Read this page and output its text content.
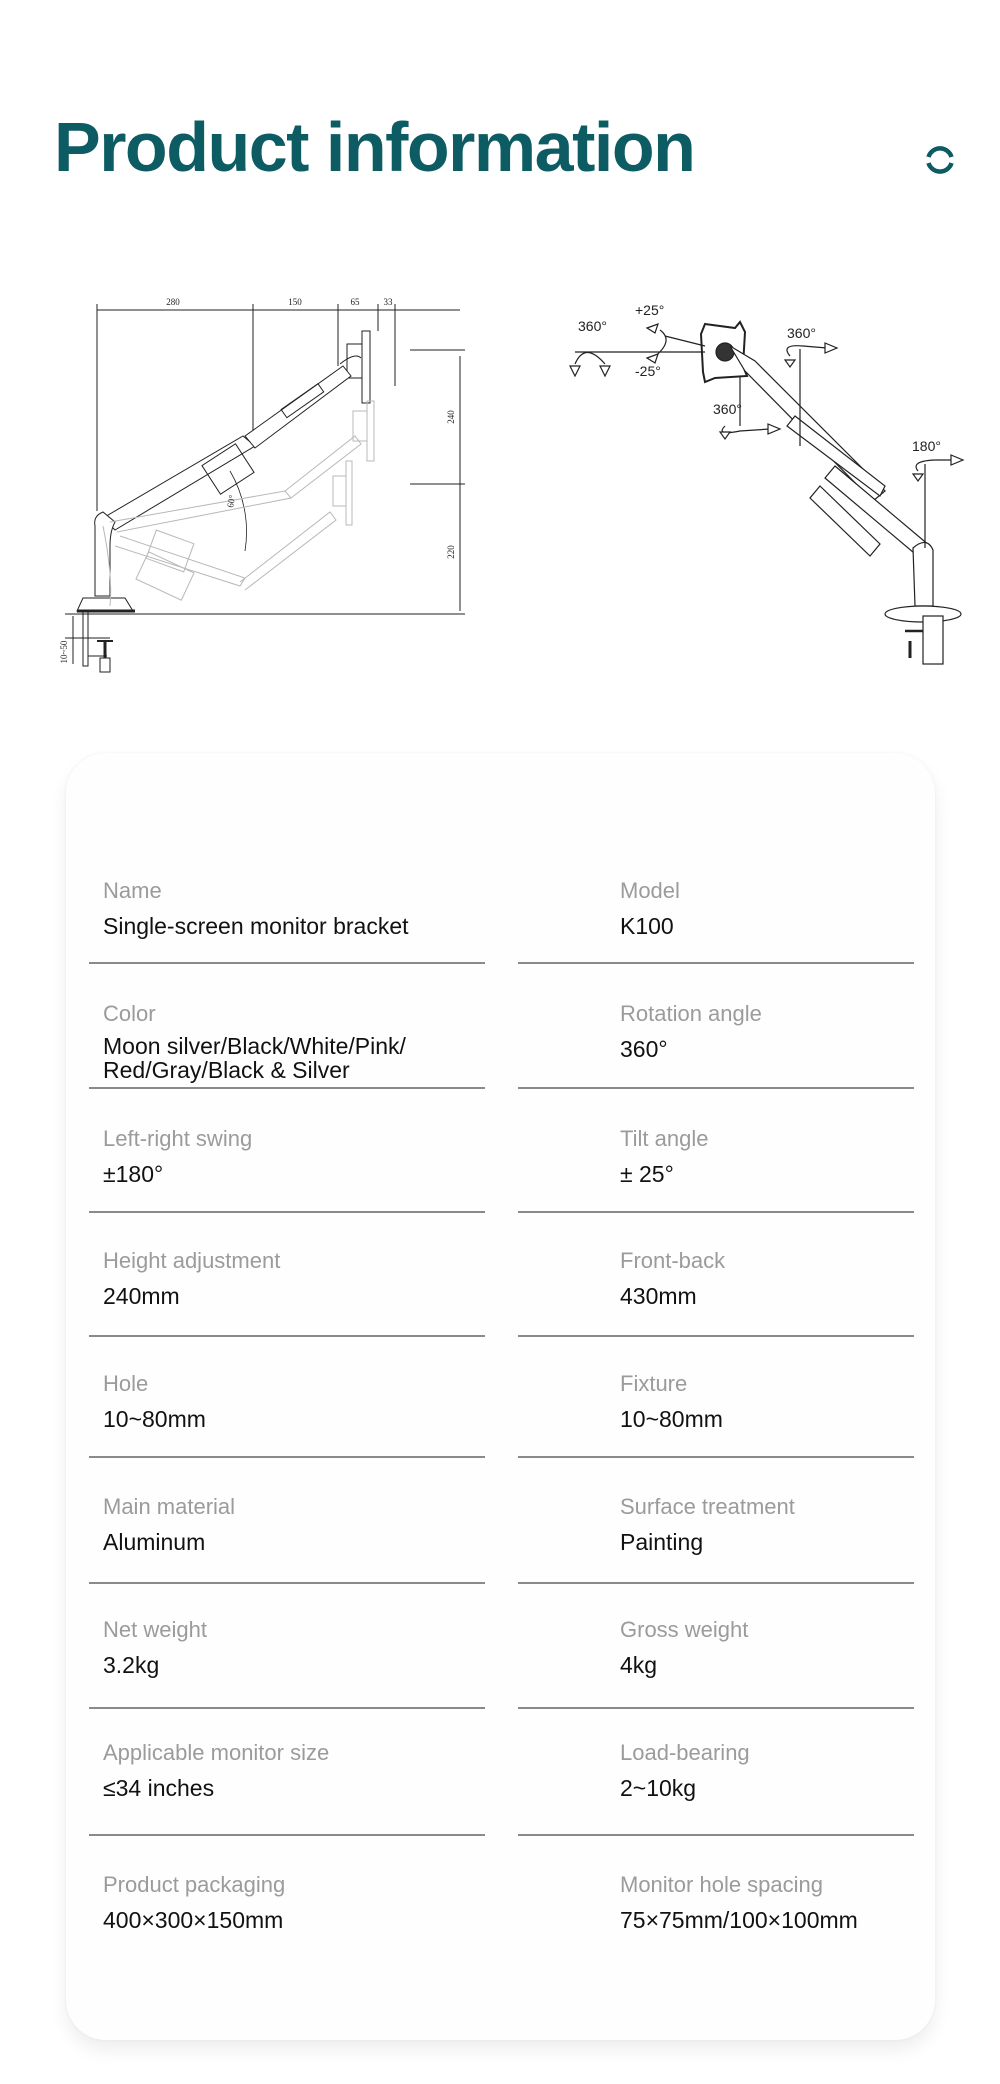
Product information
280	150	65	33
240
220
10~50
60°
+25°
-25°
360°
360°
360°
180°
Name
Single-screen monitor bracket
Model
K100
Color
Moon silver/Black/White/Pink/ Red/Gray/Black & Silver
Rotation angle
360°
Left-right swing
±180°
Tilt angle
± 25°
Height adjustment
240mm
Front-back
430mm
Hole
10~80mm
Fixture
10~80mm
Main material
Aluminum
Surface treatment
Painting
Net weight
3.2kg
Gross weight
4kg
Applicable monitor size
≤34 inches
Load-bearing
2~10kg
Product packaging
400×300×150mm
Monitor hole spacing
75×75mm/100×100mm
